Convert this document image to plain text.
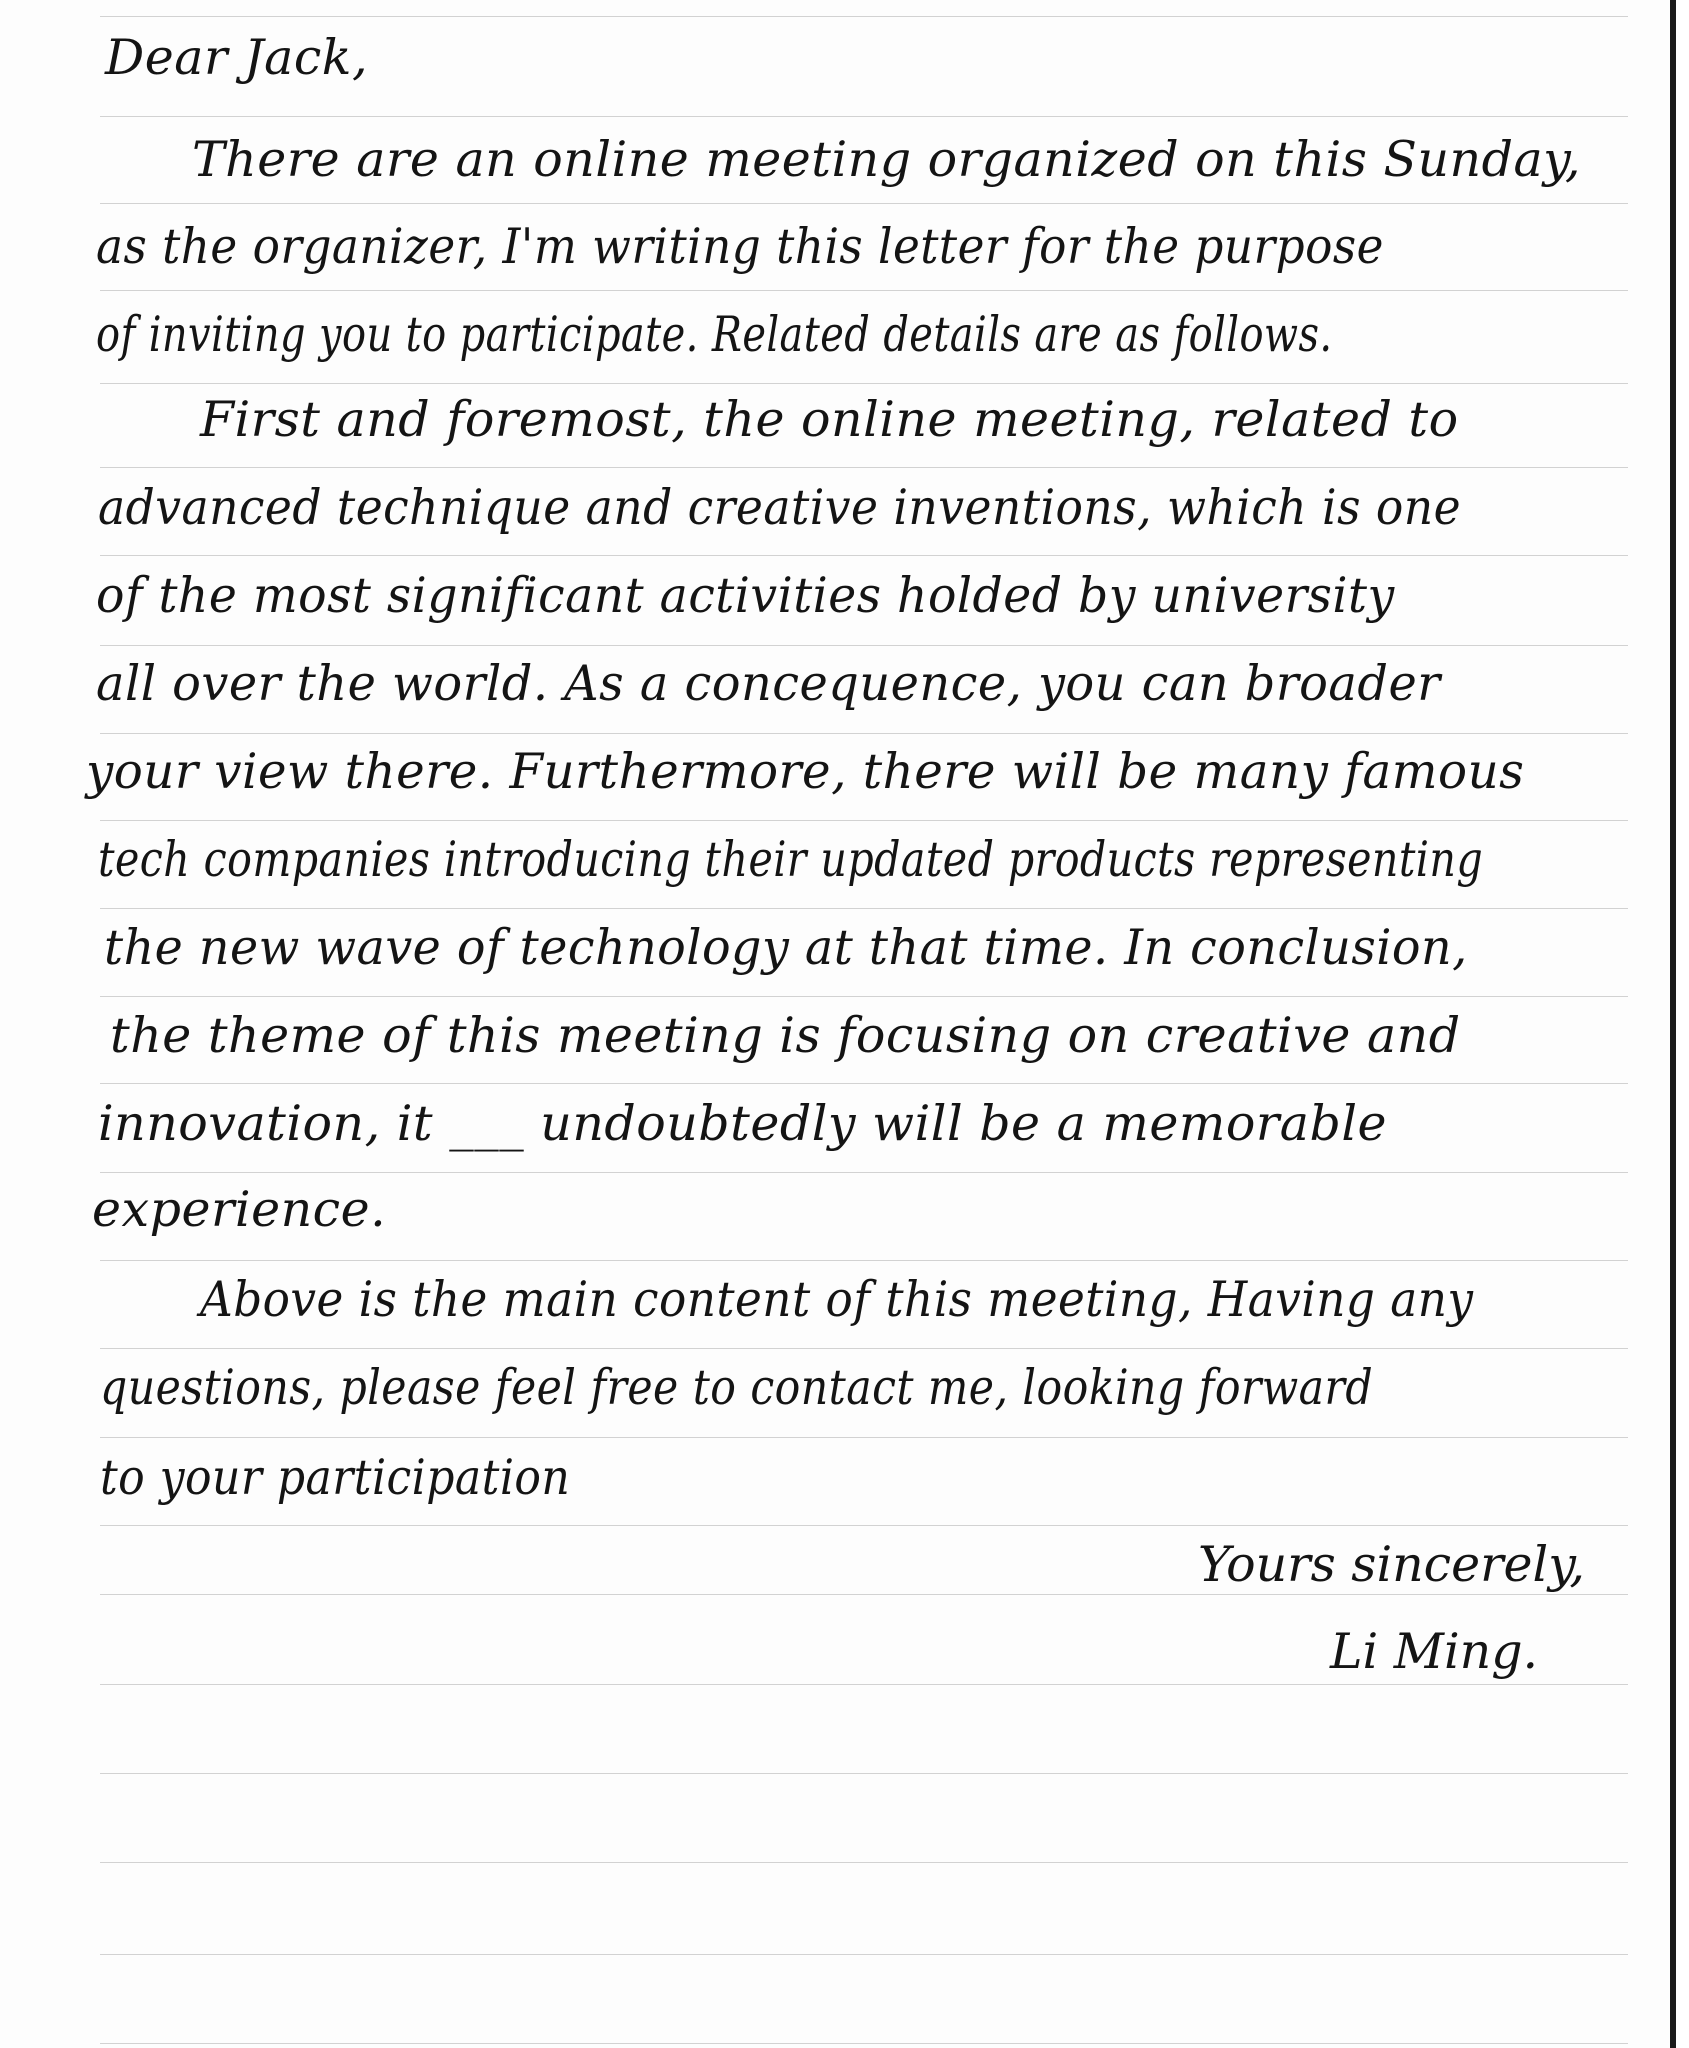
Dear Jack,

There are an online meeting organized on this Sunday,

as the organizer, I'm writing this letter for the purpose

of inviting you to participate. Related details are as follows.

First and foremost, the online meeting, related to

advanced technique and creative inventions, which is one

of the most significant activities holded by university

all over the world. As a concequence, you can broader

your view there. Furthermore, there will be many famous

tech companies introducing their updated products representing

the new wave of technology at that time. In conclusion,

the theme of this meeting is focusing on creative and

innovation, it ___ undoubtedly will be a memorable

experience.

Above is the main content of this meeting, Having any

questions, please feel free to contact me, looking forward

to your participation

Yours sincerely,
Li Ming.
